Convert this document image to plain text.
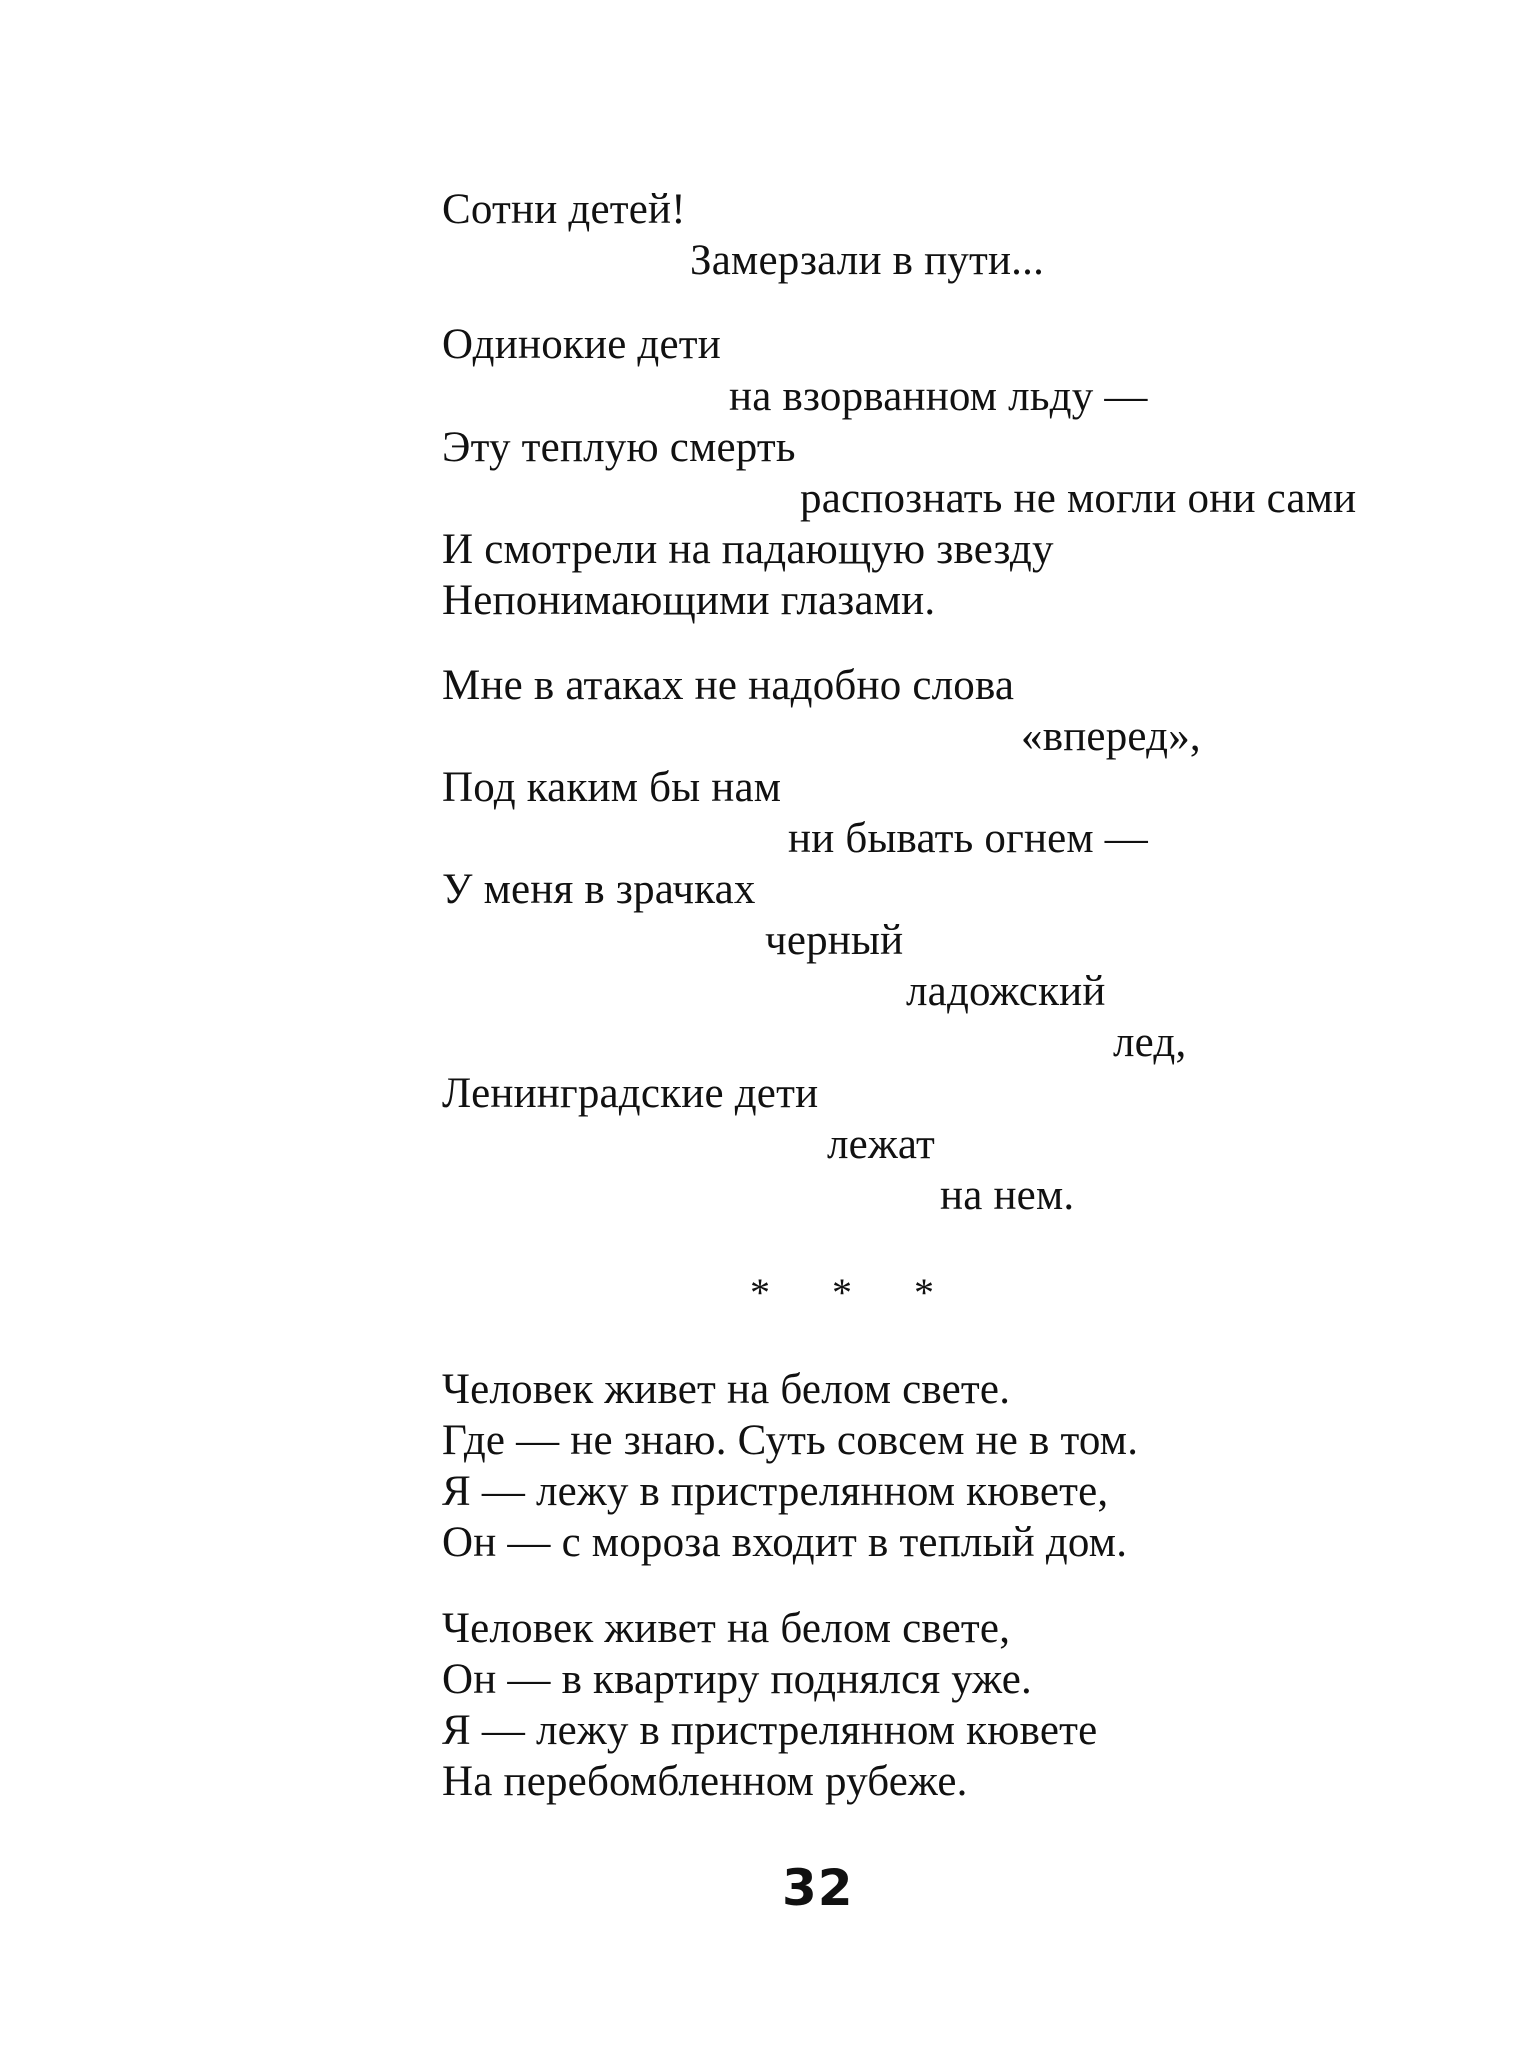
Сотни детей!
Замерзали в пути...
Одинокие дети
на взорванном льду —
Эту теплую смерть
распознать не могли они сами
И смотрели на падающую звезду
Непонимающими глазами.
Мне в атаках не надобно слова
«вперед»,
Под каким бы нам
ни бывать огнем —
У меня в зрачках
черный
ладожский
лед,
Ленинградские дети
лежат
на нем.
* * *
Человек живет на белом свете.
Где — не знаю. Суть совсем не в том.
Я — лежу в пристрелянном кювете,
Он — с мороза входит в теплый дом.
Человек живет на белом свете,
Он — в квартиру поднялся уже.
Я — лежу в пристрелянном кювете
На перебомбленном рубеже.
32
